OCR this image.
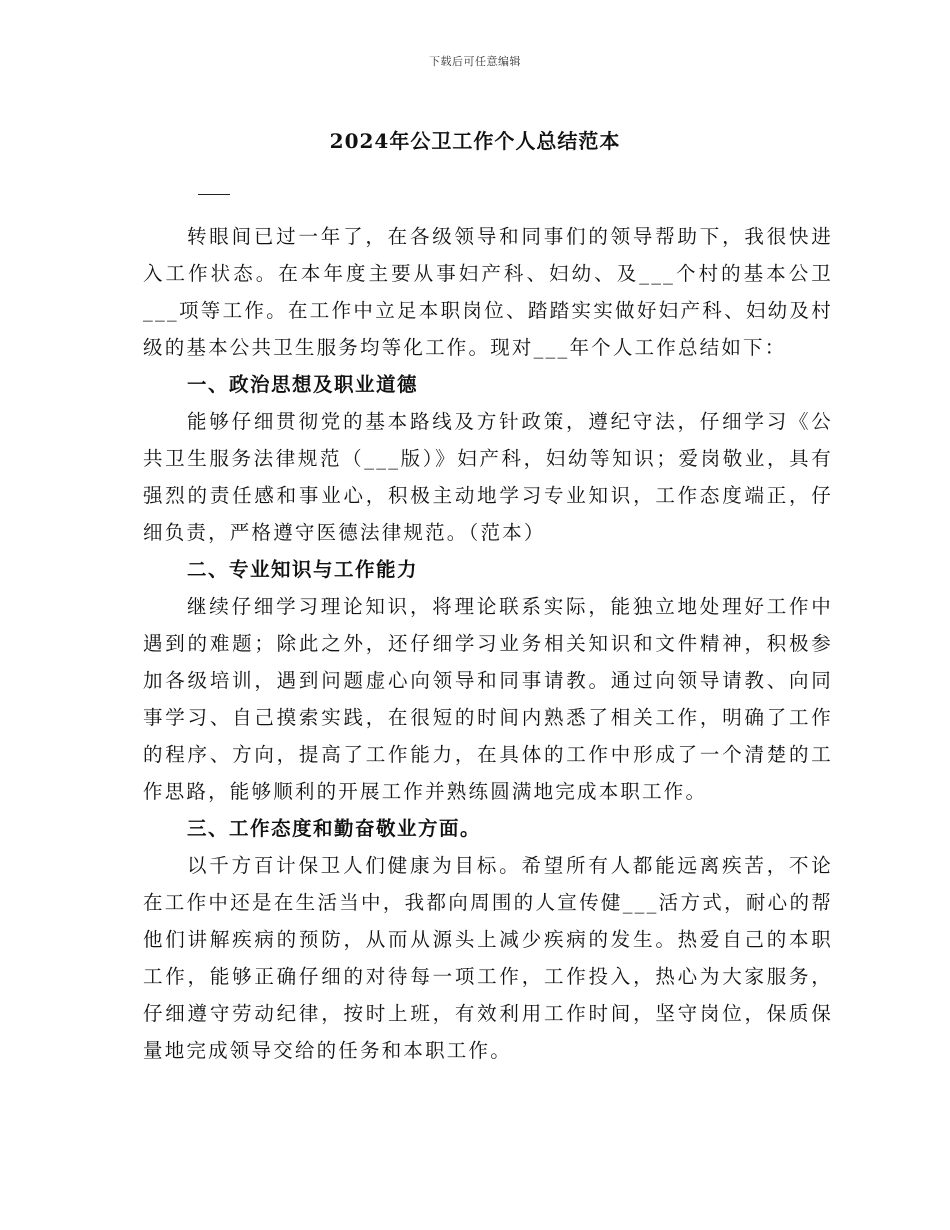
下载后可任意编辑
2024年公卫工作个人总结范本

转眼间已过一年了，在各级领导和同事们的领导帮助下，我很快进入工作状态。在本年度主要从事妇产科、妇幼、及___个村的基本公卫___项等工作。在工作中立足本职岗位、踏踏实实做好妇产科、妇幼及村级的基本公共卫生服务均等化工作。现对___年个人工作总结如下：

一、政治思想及职业道德

能够仔细贯彻党的基本路线及方针政策，遵纪守法，仔细学习《公共卫生服务法律规范（___版）》妇产科，妇幼等知识；爱岗敬业，具有强烈的责任感和事业心，积极主动地学习专业知识，工作态度端正，仔细负责，严格遵守医德法律规范。（范本）

二、专业知识与工作能力

继续仔细学习理论知识，将理论联系实际，能独立地处理好工作中遇到的难题；除此之外，还仔细学习业务相关知识和文件精神，积极参加各级培训，遇到问题虚心向领导和同事请教。通过向领导请教、向同事学习、自己摸索实践，在很短的时间内熟悉了相关工作，明确了工作的程序、方向，提高了工作能力，在具体的工作中形成了一个清楚的工作思路，能够顺利的开展工作并熟练圆满地完成本职工作。

三、工作态度和勤奋敬业方面。

以千方百计保卫人们健康为目标。希望所有人都能远离疾苦，不论在工作中还是在生活当中，我都向周围的人宣传健___活方式，耐心的帮他们讲解疾病的预防，从而从源头上减少疾病的发生。热爱自己的本职工作，能够正确仔细的对待每一项工作，工作投入，热心为大家服务，仔细遵守劳动纪律，按时上班，有效利用工作时间，坚守岗位，保质保量地完成领导交给的任务和本职工作。
